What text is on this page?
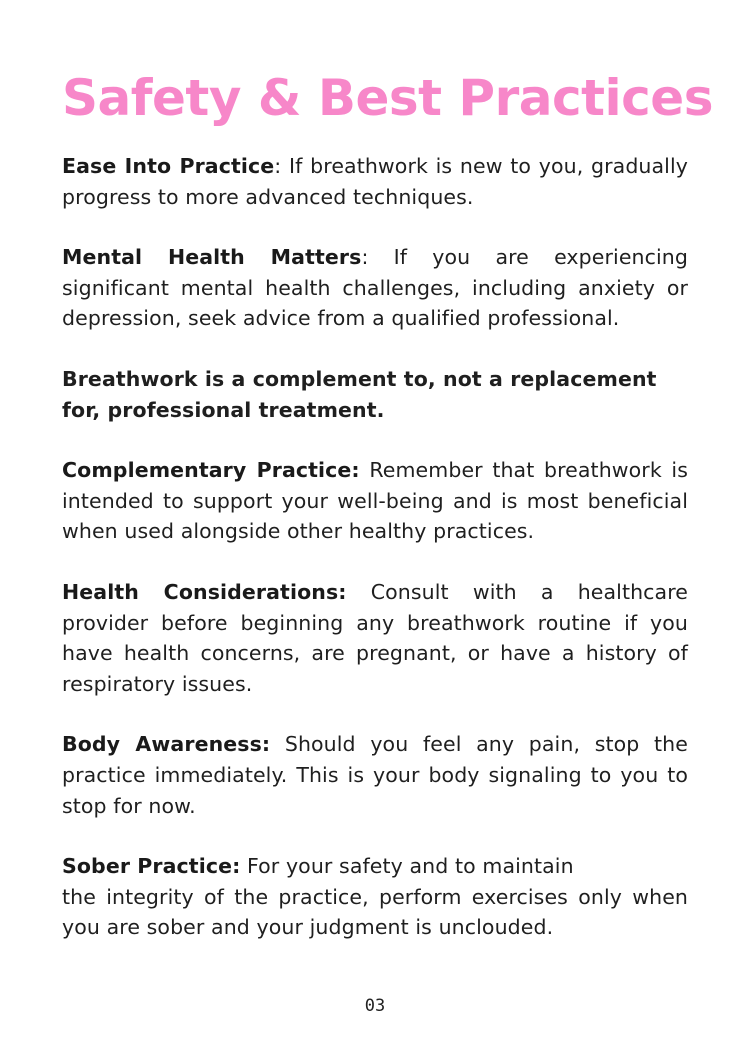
Safety & Best Practices

Ease Into Practice: If breathwork is new to you, gradually progress to more advanced techniques.

Mental Health Matters: If you are experiencing significant mental health challenges, including anxiety or depression, seek advice from a qualified professional.

Breathwork is a complement to, not a replacement for, professional treatment.

Complementary Practice: Remember that breathwork is intended to support your well-being and is most beneficial when used alongside other healthy practices.

Health Considerations: Consult with a healthcare provider before beginning any breathwork routine if you have health concerns, are pregnant, or have a history of respiratory issues.

Body Awareness: Should you feel any pain, stop the practice immediately. This is your body signaling to you to stop for now.

Sober Practice: For your safety and to maintain
the integrity of the practice, perform exercises only when you are sober and your judgment is unclouded.

03
